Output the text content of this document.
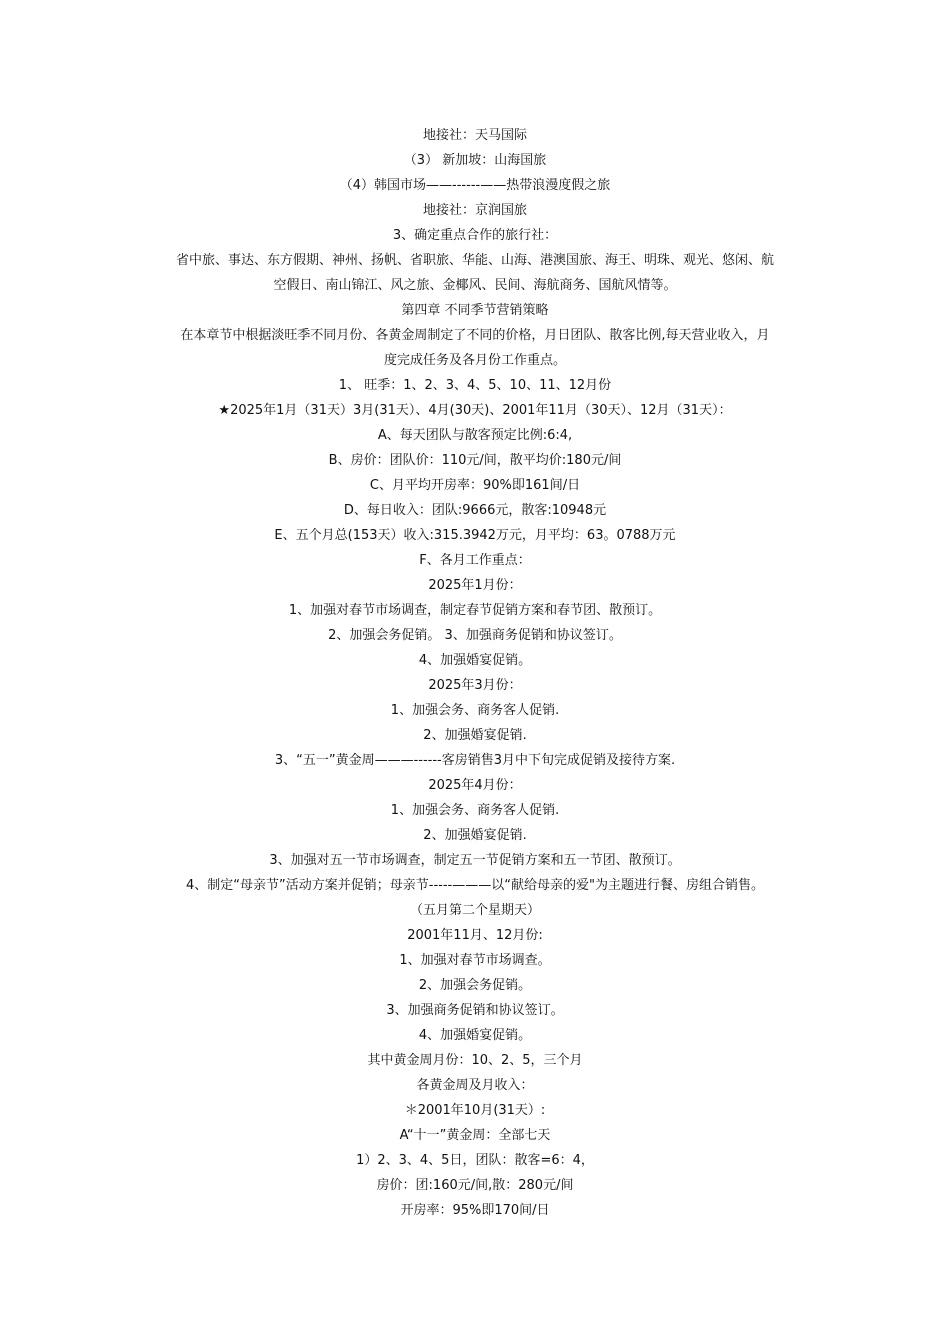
地接社：天马国际
（3） 新加坡：山海国旅
（4）韩国市场——------——热带浪漫度假之旅
地接社：京润国旅
3、确定重点合作的旅行社：
省中旅、事达、东方假期、神州、扬帆、省职旅、华能、山海、港澳国旅、海王、明珠、观光、悠闲、航
空假日、南山锦江、风之旅、金椰风、民间、海航商务、国航风情等。
第四章 不同季节营销策略
在本章节中根据淡旺季不同月份、各黄金周制定了不同的价格，月日团队、散客比例,每天营业收入，月
度完成任务及各月份工作重点。
1、 旺季：1、2、3、4、5、10、11、12月份
★2025年1月（31天）3月(31天）、4月(30天)、2001年11月（30天）、12月（31天）：
A、每天团队与散客预定比例:6:4,
B、房价：团队价：110元/间，散平均价:180元/间
C、月平均开房率：90%即161间/日
D、每日收入：团队:9666元，散客:10948元
E、五个月总(153天）收入:315.3942万元，月平均：63。0788万元
F、各月工作重点：
2025年1月份：
1、加强对春节市场调查，制定春节促销方案和春节团、散预订。
2、加强会务促销。 3、加强商务促销和协议签订。
4、加强婚宴促销。
2025年3月份：
1、加强会务、商务客人促销.
2、加强婚宴促销.
3、“五一”黄金周———------客房销售3月中下旬完成促销及接待方案.
2025年4月份：
1、加强会务、商务客人促销.
2、加强婚宴促销.
3、加强对五一节市场调查，制定五一节促销方案和五一节团、散预订。
4、制定“母亲节”活动方案并促销；母亲节-----———以“献给母亲的爱"为主题进行餐、房组合销售。
（五月第二个星期天）
2001年11月、12月份:
1、加强对春节市场调查。
2、加强会务促销。
3、加强商务促销和协议签订。
4、加强婚宴促销。
其中黄金周月份：10、2、5，三个月
各黄金周及月收入：
＊2001年10月(31天）:
A“十一”黄金周：全部七天
1）2、3、4、5日，团队：散客=6：4，
房价：团:160元/间,散：280元/间
开房率：95%即170间/日
